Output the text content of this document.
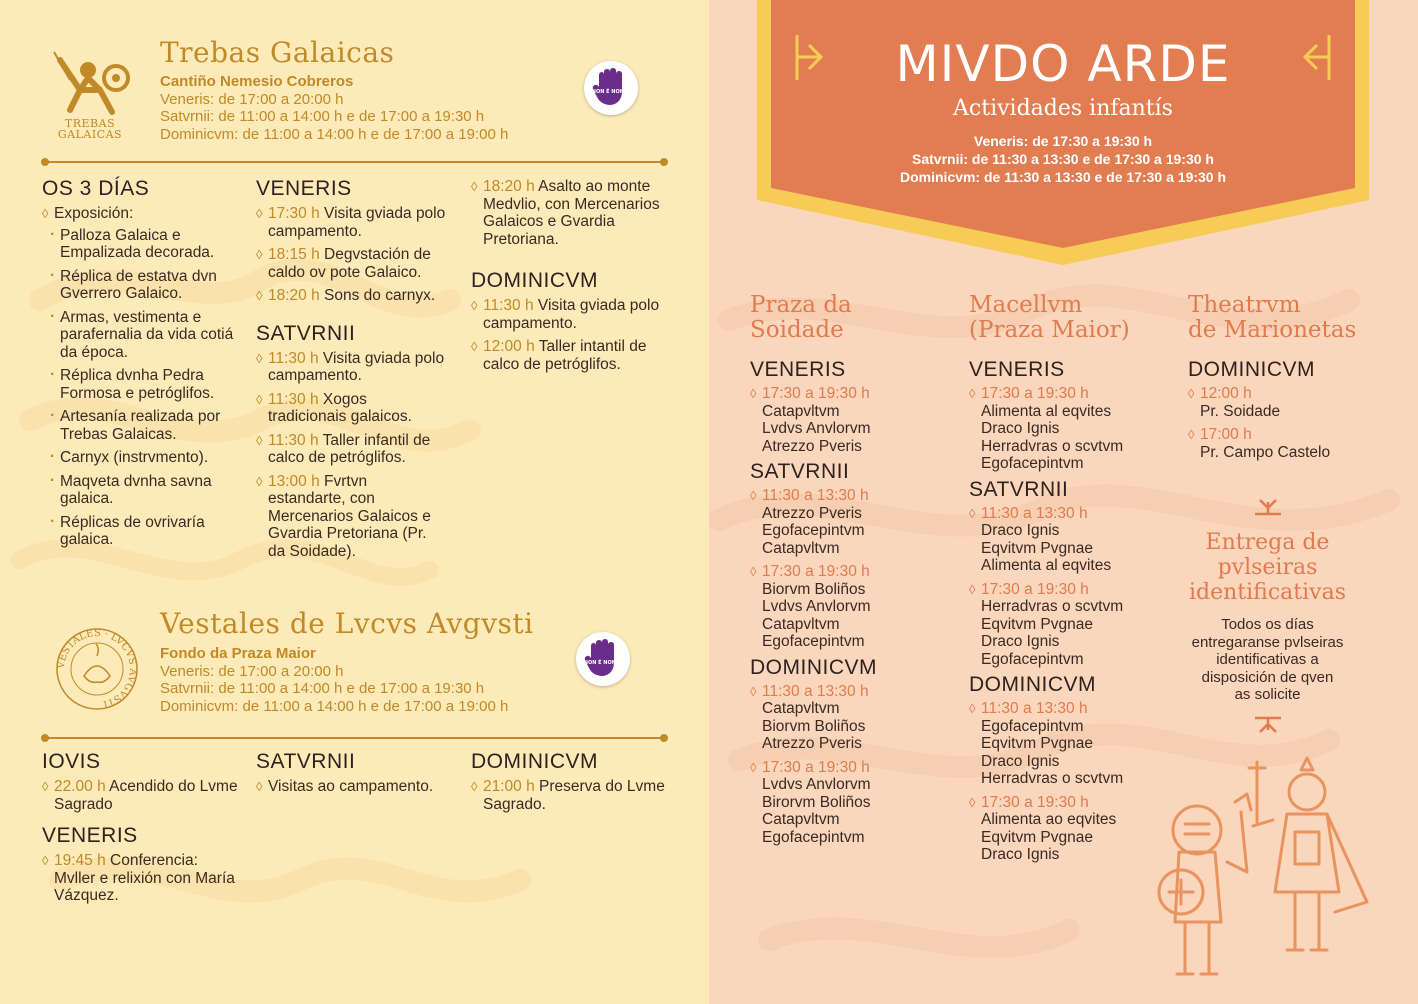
TREBAS GALAICAS
Trebas Galaicas
Cantiño Nemesio Cobreros
Veneris: de 17:00 a 20:00 h
Satvrnii: de 11:00 a 14:00 h e de 17:00 a 19:30 h
Dominicvm: de 11:00 a 14:00 h e de 17:00 a 19:00 h
NON É NON!
OS 3 DÍAS
◊ Exposición:
· Palloza Galaica e Empalizada decorada.
· Réplica de estatva dvn Gverrero Galaico.
· Armas, vestimenta e parafernalia da vida cotiá da época.
· Réplica dvnha Pedra Formosa e petróglifos.
· Artesanía realizada por Trebas Galaicas.
· Carnyx (instrvmento).
· Maqveta dvnha savna galaica.
· Réplicas de ovrivaría galaica.
VENERIS
◊ 17:30 h Visita gviada polo campamento.
◊ 18:15 h Degvstación de caldo ov pote Galaico.
◊ 18:20 h Sons do carnyx.
SATVRNII
◊ 11:30 h Visita gviada polo campamento.
◊ 11:30 h Xogos tradicionais galaicos.
◊ 11:30 h Taller infantil de calco de petróglifos.
◊ 13:00 h Fvrtvn estandarte, con Mercenarios Galaicos e Gvardia Pretoriana (Pr. da Soidade).
◊ 18:20 h Asalto ao monte Medvlio, con Mercenarios Galaicos e Gvardia Pretoriana.
DOMINICVM
◊ 11:30 h Visita gviada polo campamento.
◊ 12:00 h Taller intantil de calco de petróglifos.
VESTALES · LVCVS AVGVSTI
Vestales de Lvcvs Avgvsti
Fondo da Praza Maior
Veneris: de 17:00 a 20:00 h
Satvrnii: de 11:00 a 14:00 h e de 17:00 a 19:30 h
Dominicvm: de 11:00 a 14:00 h e de 17:00 a 19:00 h
NON É NON!
IOVIS
◊ 22.00 h Acendido do Lvme Sagrado
VENERIS
◊ 19:45 h Conferencia: Mvller e relixión con María Vázquez.
SATVRNII
◊ Visitas ao campamento.
DOMINICVM
◊ 21:00 h Preserva do Lvme Sagrado.
MIVDO ARDE
Actividades infantís
Veneris: de 17:30 a 19:30 h
Satvrnii: de 11:30 a 13:30 e de 17:30 a 19:30 h
Dominicvm: de 11:30 a 13:30 e de 17:30 a 19:30 h
Praza da
Soidade
VENERIS
◊ 17:30 a 19:30 h
Catapvltvm
Lvdvs Anvlorvm
Atrezzo Pveris
SATVRNII
◊ 11:30 a 13:30 h
Atrezzo Pveris
Egofacepintvm
Catapvltvm
◊ 17:30 a 19:30 h
Biorvm Boliños
Lvdvs Anvlorvm
Catapvltvm
Egofacepintvm
DOMINICVM
◊ 11:30 a 13:30 h
Catapvltvm
Biorvm Boliños
Atrezzo Pveris
◊ 17:30 a 19:30 h
Lvdvs Anvlorvm
Birorvm Boliños
Catapvltvm
Egofacepintvm
Macellvm
(Praza Maior)
VENERIS
◊ 17:30 a 19:30 h
Alimenta al eqvites
Draco Ignis
Herradvras o scvtvm
Egofacepintvm
SATVRNII
◊ 11:30 a 13:30 h
Draco Ignis
Eqvitvm Pvgnae
Alimenta al eqvites
◊ 17:30 a 19:30 h
Herradvras o scvtvm
Eqvitvm Pvgnae
Draco Ignis
Egofacepintvm
DOMINICVM
◊ 11:30 a 13:30 h
Egofacepintvm
Eqvitvm Pvgnae
Draco Ignis
Herradvras o scvtvm
◊ 17:30 a 19:30 h
Alimenta ao eqvites
Eqvitvm Pvgnae
Draco Ignis
Theatrvm
de Marionetas
DOMINICVM
◊ 12:00 h
Pr. Soidade
◊ 17:00 h
Pr. Campo Castelo
Entrega de
pvlseiras
identificativas
Todos os días
entregaranse pvlseiras
identificativas a
disposición de qven
as solicite
